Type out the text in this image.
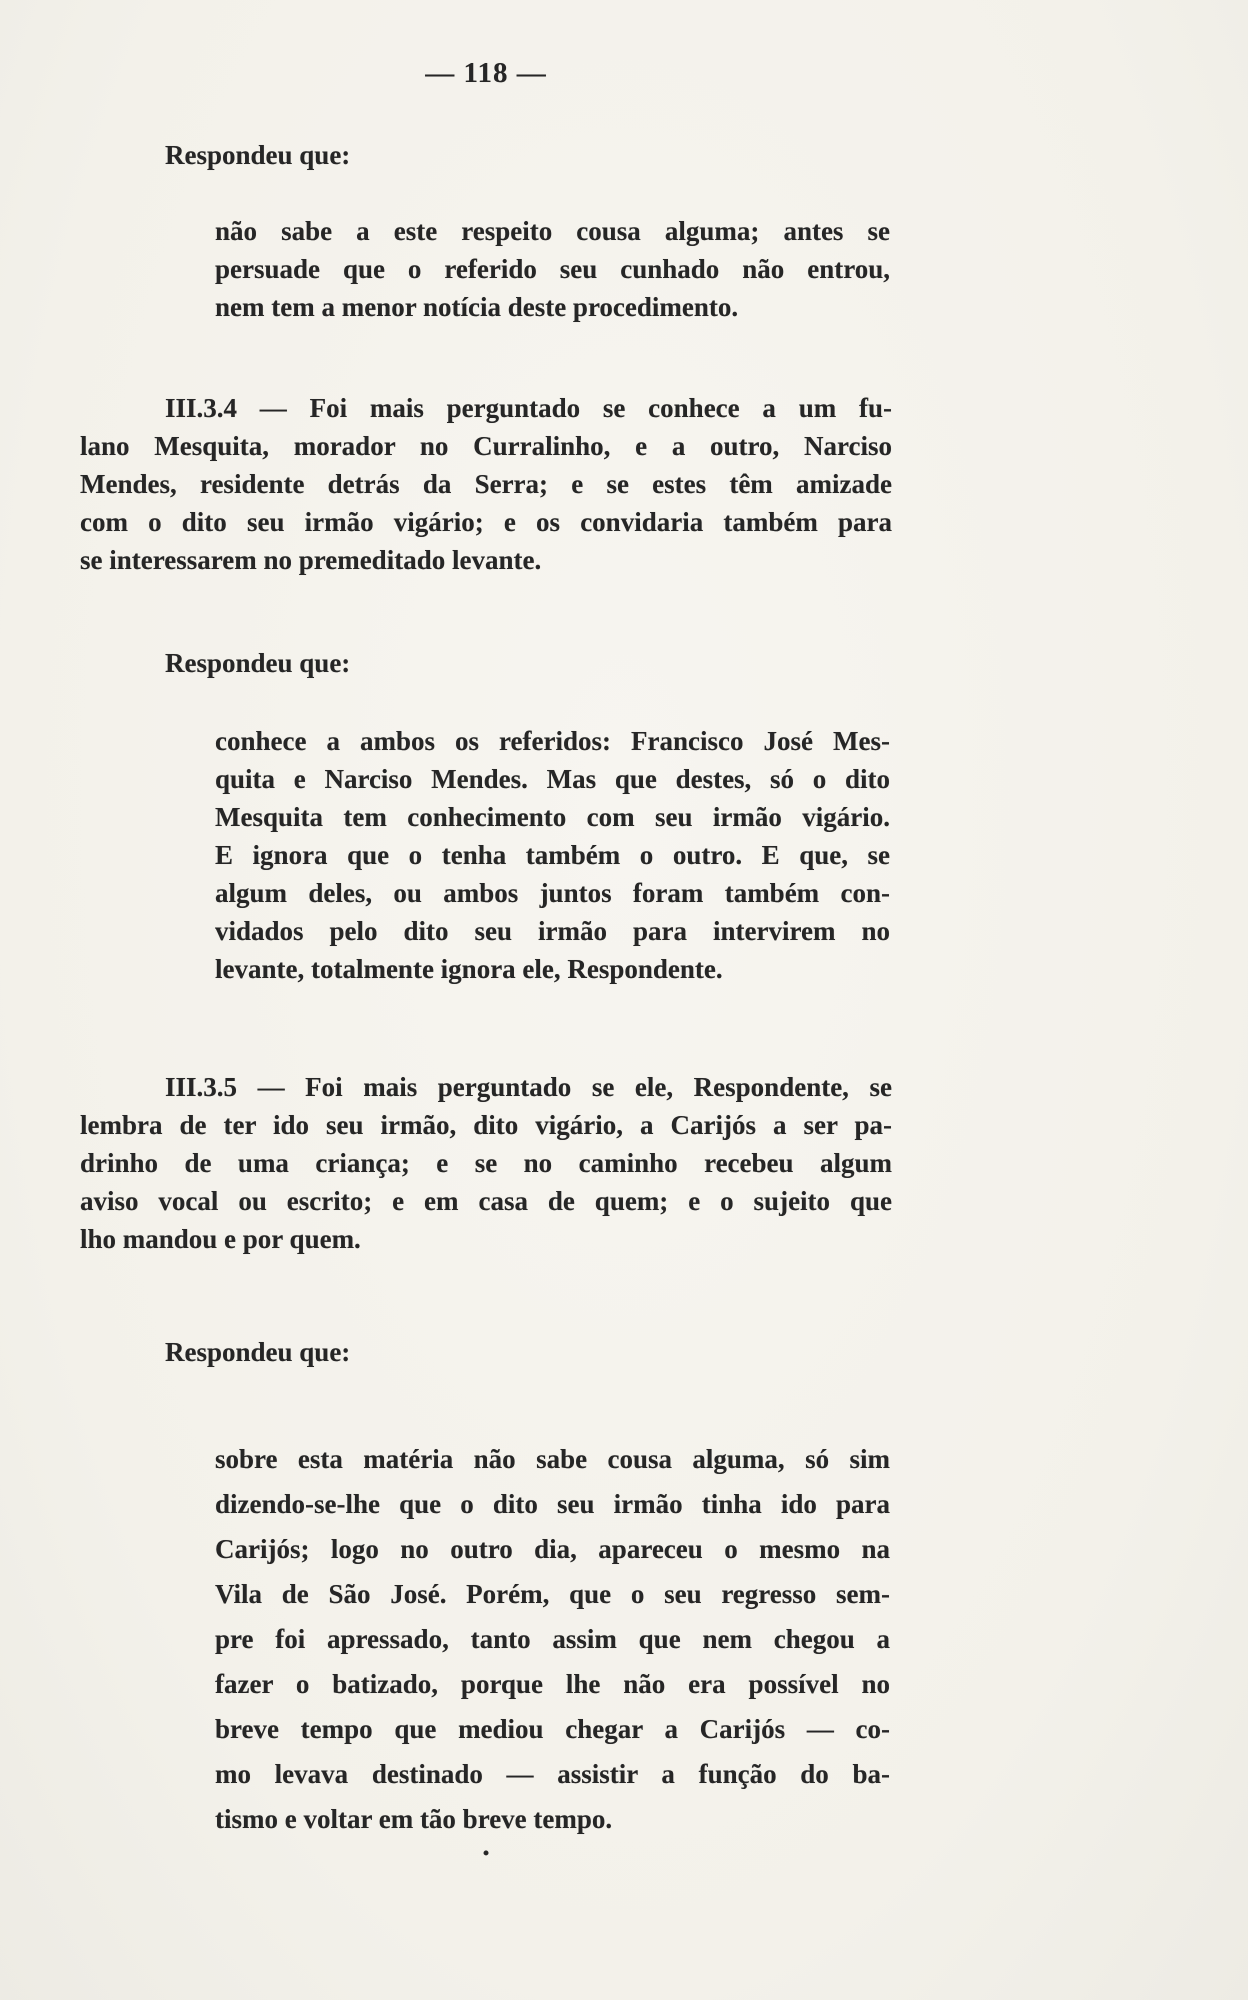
— 118 —
Respondeu que:
não sabe a este respeito cousa alguma; antes se
persuade que o referido seu cunhado não entrou,
nem tem a menor notícia deste procedimento.
III.3.4 — Foi mais perguntado se conhece a um fu-
lano Mesquita, morador no Curralinho, e a outro, Narciso
Mendes, residente detrás da Serra; e se estes têm amizade
com o dito seu irmão vigário; e os convidaria também para
se interessarem no premeditado levante.
Respondeu que:
conhece a ambos os referidos: Francisco José Mes-
quita e Narciso Mendes. Mas que destes, só o dito
Mesquita tem conhecimento com seu irmão vigário.
E ignora que o tenha também o outro. E que, se
algum deles, ou ambos juntos foram também con-
vidados pelo dito seu irmão para intervirem no
levante, totalmente ignora ele, Respondente.
III.3.5 — Foi mais perguntado se ele, Respondente, se
lembra de ter ido seu irmão, dito vigário, a Carijós a ser pa-
drinho de uma criança; e se no caminho recebeu algum
aviso vocal ou escrito; e em casa de quem; e o sujeito que
lho mandou e por quem.
Respondeu que:
sobre esta matéria não sabe cousa alguma, só sim
dizendo-se-lhe que o dito seu irmão tinha ido para
Carijós; logo no outro dia, apareceu o mesmo na
Vila de São José. Porém, que o seu regresso sem-
pre foi apressado, tanto assim que nem chegou a
fazer o batizado, porque lhe não era possível no
breve tempo que mediou chegar a Carijós — co-
mo levava destinado — assistir a função do ba-
tismo e voltar em tão breve tempo.
•
